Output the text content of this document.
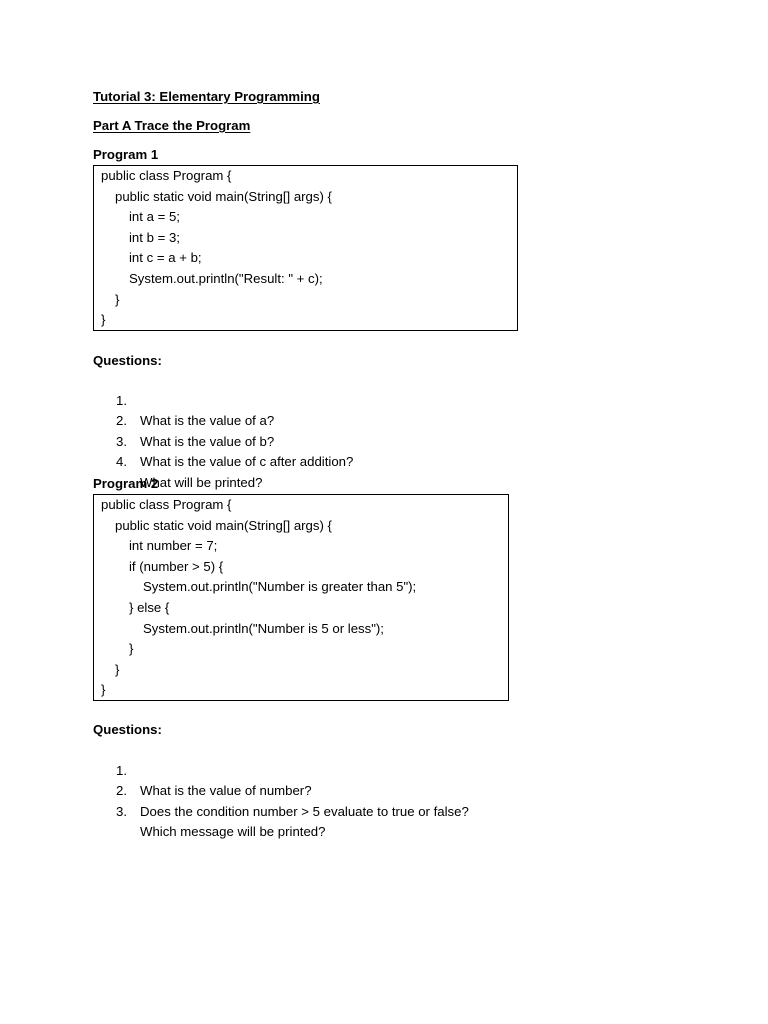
Tutorial 3: Elementary Programming
Part A Trace the Program
Program 1
public class Program {
public static void main(String[] args) {
int a = 5;
int b = 3;
int c = a + b;
System.out.println("Result: " + c);
}
}
Questions:

1.

What is the value of a?

2.

What is the value of b?

3.

What is the value of c after addition?

4.

What will be printed?

Program 2
public class Program {
public static void main(String[] args) {
int number = 7;
if (number > 5) {
System.out.println("Number is greater than 5");
} else {
System.out.println("Number is 5 or less");
}
}
}
Questions:

1.

What is the value of number?

2.

Does the condition number > 5 evaluate to true or false?

3.

Which message will be printed?
